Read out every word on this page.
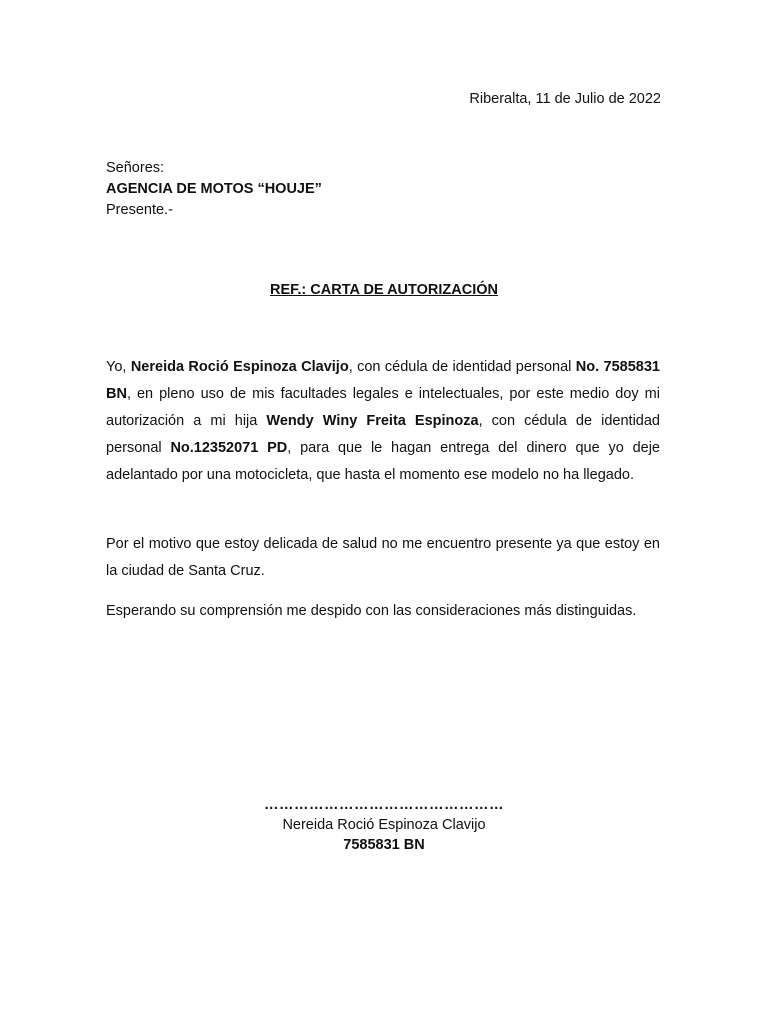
Riberalta, 11 de Julio de 2022
Señores:
AGENCIA DE MOTOS “HOUJE”
Presente.-
REF.: CARTA DE AUTORIZACIÓN
Yo, Nereida Roció Espinoza Clavijo, con cédula de identidad personal No. 7585831 BN, en pleno uso de mis facultades legales e intelectuales, por este medio doy mi autorización a mi hija Wendy Winy Freita Espinoza, con cédula de identidad personal No.12352071 PD, para que le hagan entrega del dinero que yo deje adelantado por una motocicleta, que hasta el momento ese modelo no ha llegado.
Por el motivo que estoy delicada de salud no me encuentro presente ya que estoy en la ciudad de Santa Cruz.
Esperando su comprensión me despido con las consideraciones más distinguidas.
…………………………………………
Nereida Roció Espinoza Clavijo
7585831 BN
